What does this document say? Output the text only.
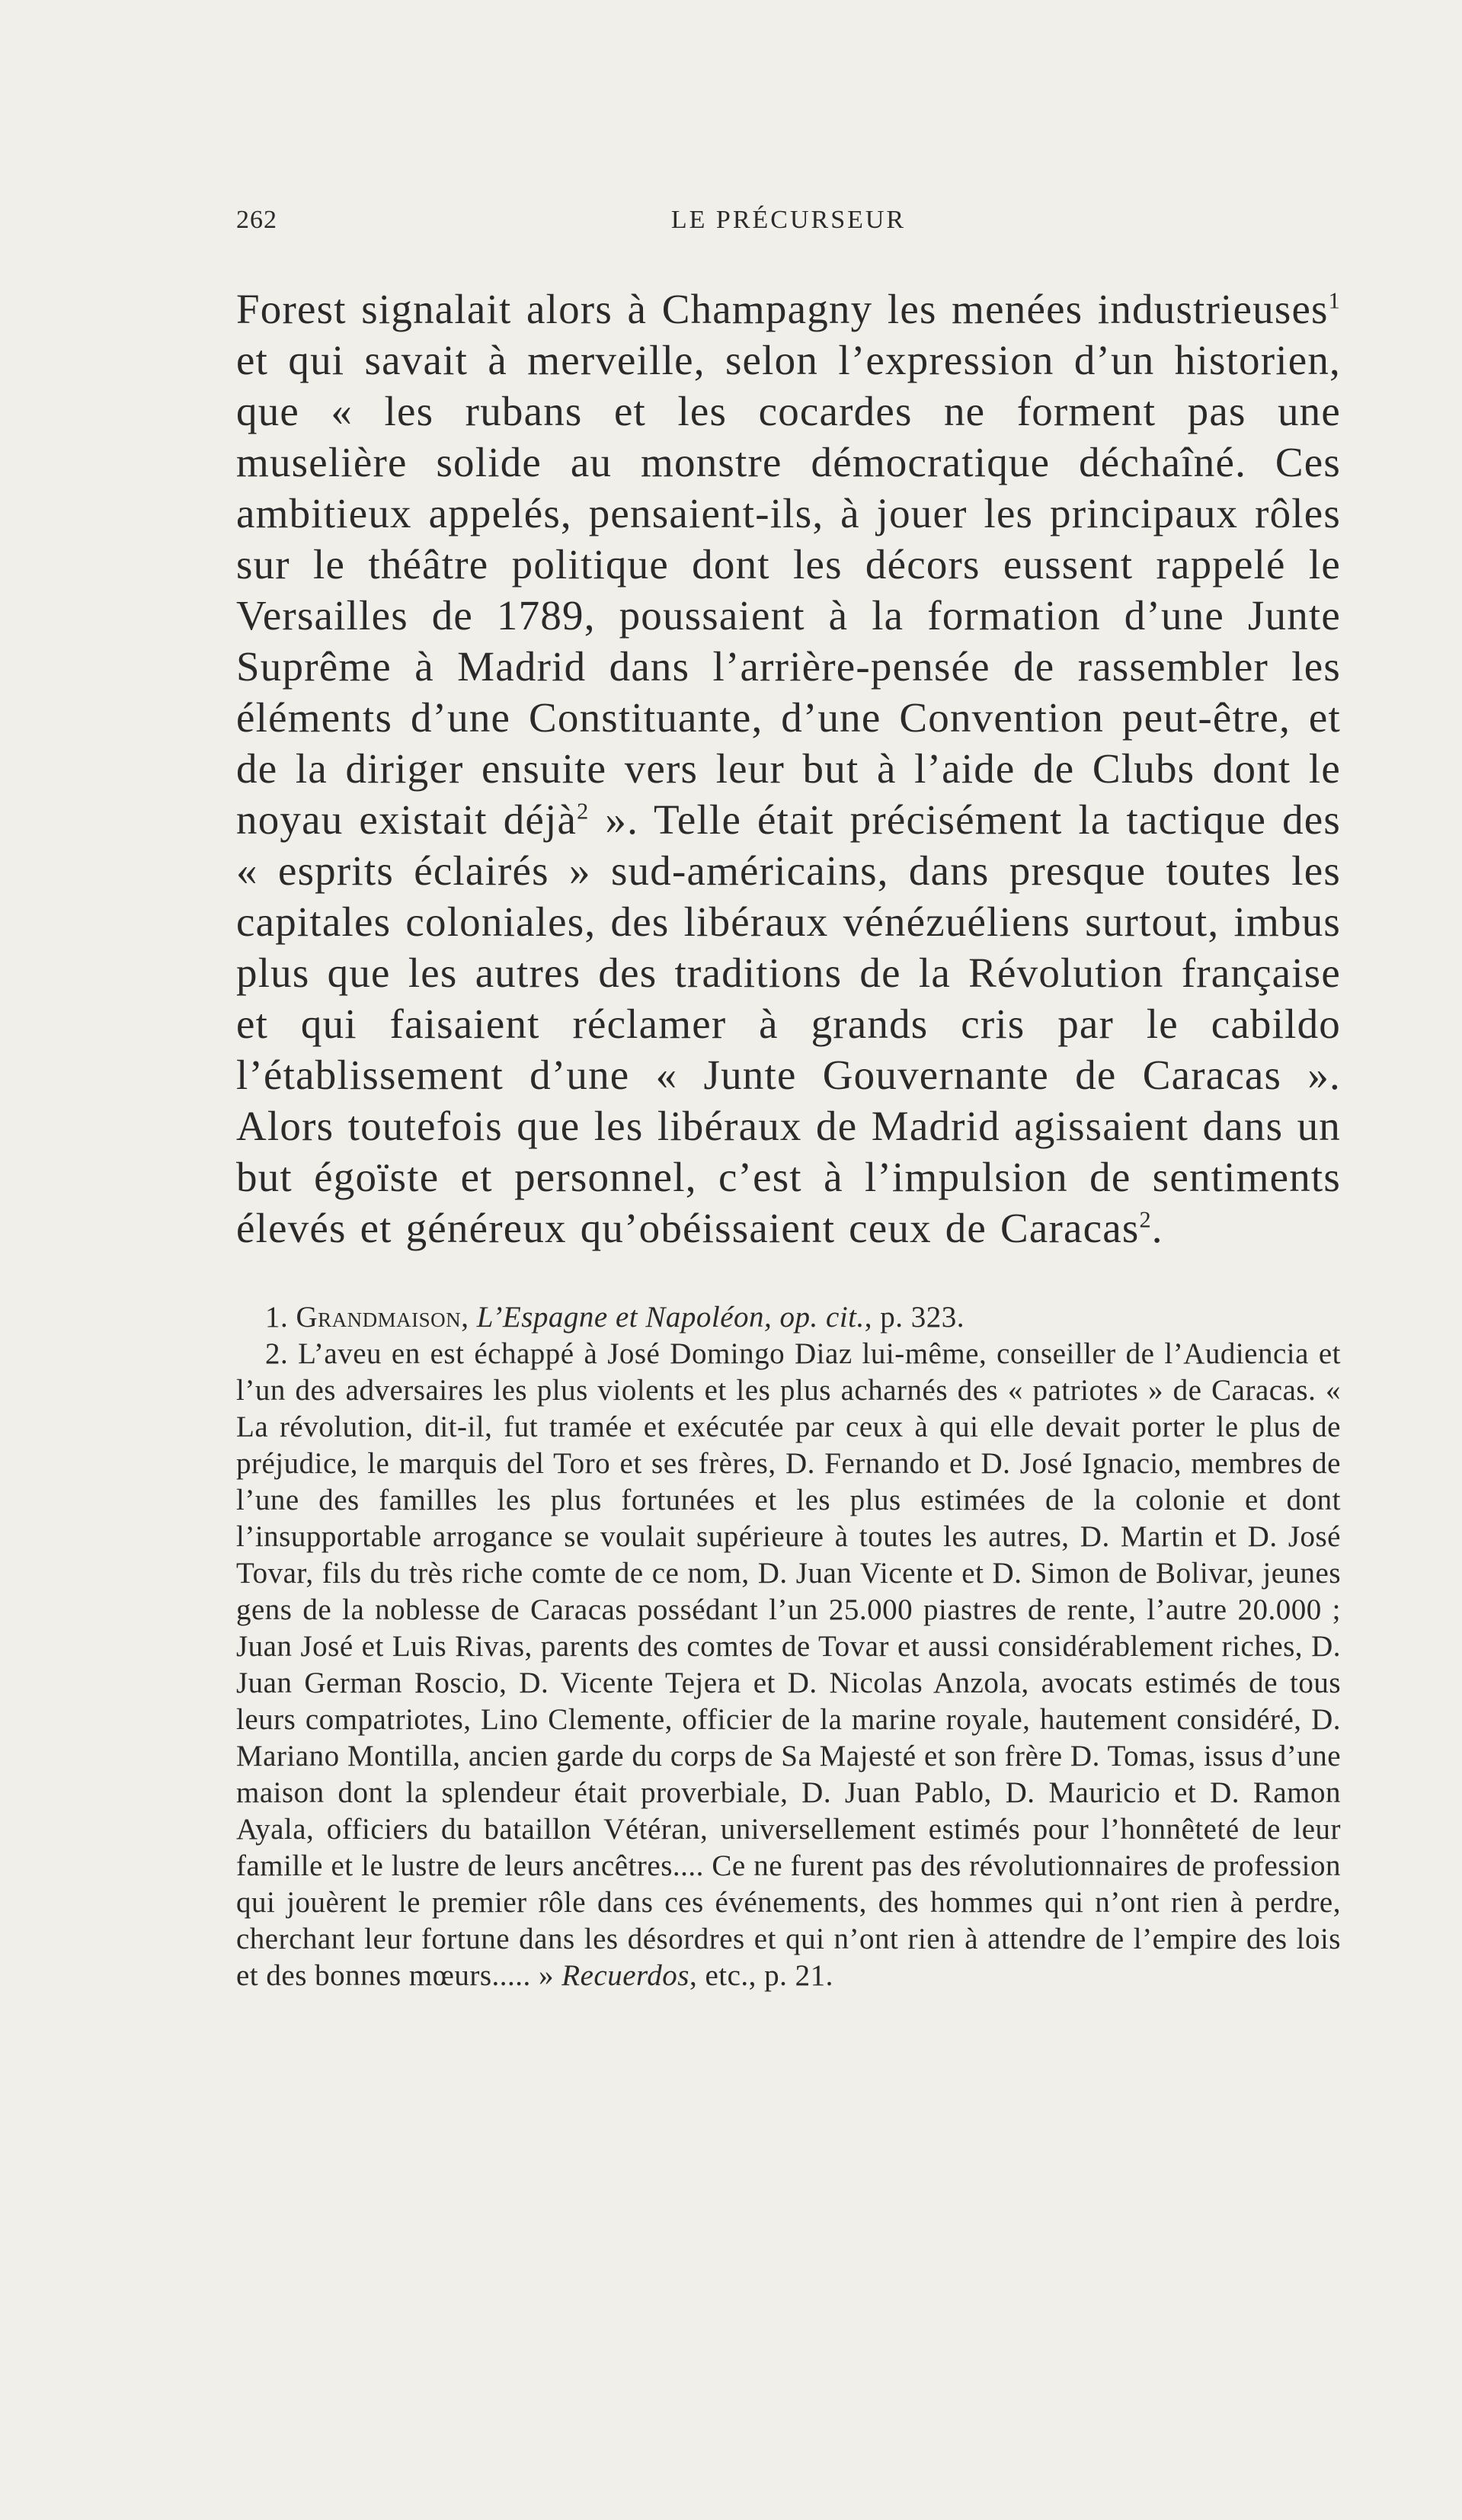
262	LE PRÉCURSEUR

Forest signalait alors à Champagny les menées industrieuses$^1$ et qui savait à merveille, selon l’expression d’un historien, que « les rubans et les cocardes ne forment pas une muselière solide au monstre démocratique déchaîné. Ces ambitieux appelés, pensaient-ils, à jouer les principaux rôles sur le théâtre politique dont les décors eussent rappelé le Versailles de 1789, poussaient à la formation d’une Junte Suprême à Madrid dans l’arrière-pensée de rassembler les éléments d’une Constituante, d’une Convention peut-être, et de la diriger ensuite vers leur but à l’aide de Clubs dont le noyau existait déjà$^2$ ». Telle était précisément la tactique des « esprits éclairés » sud-américains, dans presque toutes les capitales coloniales, des libéraux vénézuéliens surtout, imbus plus que les autres des traditions de la Révolution française et qui faisaient réclamer à grands cris par le cabildo l’établissement d’une « Junte Gouvernante de Caracas ». Alors toutefois que les libéraux de Madrid agissaient dans un but égoïste et personnel, c’est à l’impulsion de sentiments élevés et généreux qu’obéissaient ceux de Caracas$^2$.

1. Grandmaison, L’Espagne et Napoléon, op. cit., p. 323.

2. L’aveu en est échappé à José Domingo Diaz lui-même, conseiller de l’Audiencia et l’un des adversaires les plus violents et les plus acharnés des « patriotes » de Caracas. « La révolution, dit-il, fut tramée et exécutée par ceux à qui elle devait porter le plus de préjudice, le marquis del Toro et ses frères, D. Fernando et D. José Ignacio, membres de l’une des familles les plus fortunées et les plus estimées de la colonie et dont l’insupportable arrogance se voulait supérieure à toutes les autres, D. Martin et D. José Tovar, fils du très riche comte de ce nom, D. Juan Vicente et D. Simon de Bolivar, jeunes gens de la noblesse de Caracas possédant l’un 25.000 piastres de rente, l’autre 20.000 ; Juan José et Luis Rivas, parents des comtes de Tovar et aussi considérablement riches, D. Juan German Roscio, D. Vicente Tejera et D. Nicolas Anzola, avocats estimés de tous leurs compatriotes, Lino Clemente, officier de la marine royale, hautement considéré, D. Mariano Montilla, ancien garde du corps de Sa Majesté et son frère D. Tomas, issus d’une maison dont la splendeur était proverbiale, D. Juan Pablo, D. Mauricio et D. Ramon Ayala, officiers du bataillon Vétéran, universellement estimés pour l’honnêteté de leur famille et le lustre de leurs ancêtres.... Ce ne furent pas des révolutionnaires de profession qui jouèrent le premier rôle dans ces événements, des hommes qui n’ont rien à perdre, cherchant leur fortune dans les désordres et qui n’ont rien à attendre de l’empire des lois et des bonnes mœurs..... » Recuerdos, etc., p. 21.
